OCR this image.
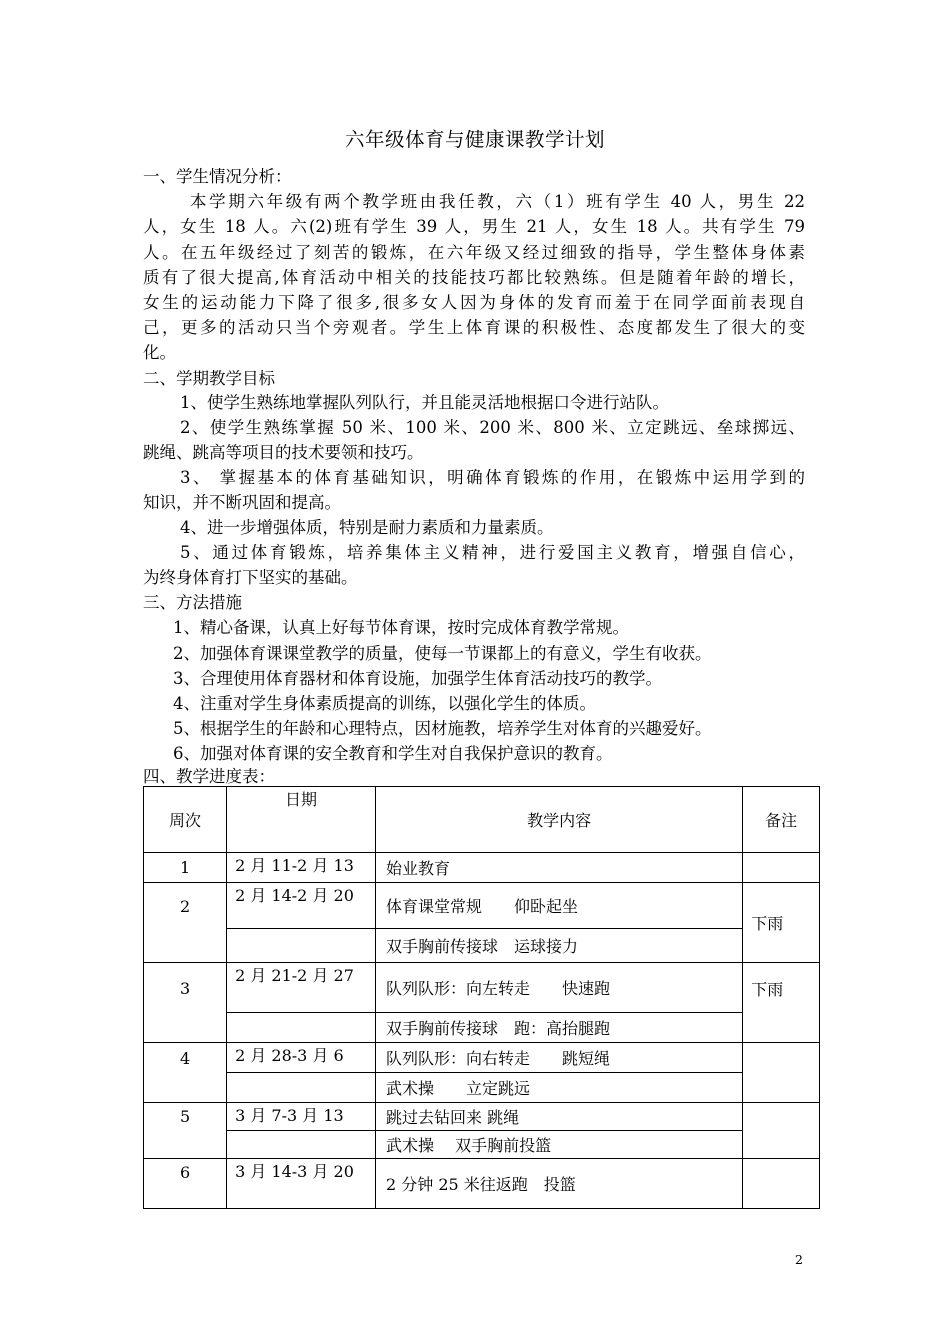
六年级体育与健康课教学计划
一、学生情况分析：
本学期六年级有两个教学班由我任教，六（1）班有学生 40 人，男生 22
人，女生 18 人。六(2)班有学生 39 人，男生 21 人，女生 18 人。共有学生 79
人。在五年级经过了刻苦的锻炼，在六年级又经过细致的指导，学生整体身体素
质有了很大提高,体育活动中相关的技能技巧都比较熟练。但是随着年龄的增长，
女生的运动能力下降了很多,很多女人因为身体的发育而羞于在同学面前表现自
己，更多的活动只当个旁观者。学生上体育课的积极性、态度都发生了很大的变
化。
二、学期教学目标
1、使学生熟练地掌握队列队行，并且能灵活地根据口令进行站队。
2、使学生熟练掌握 50 米、100 米、200 米、800 米、立定跳远、垒球掷远、
跳绳、跳高等项目的技术要领和技巧。
3、 掌握基本的体育基础知识，明确体育锻炼的作用，在锻炼中运用学到的
知识，并不断巩固和提高。
4、进一步增强体质，特别是耐力素质和力量素质。
5、通过体育锻炼，培养集体主义精神，进行爱国主义教育，增强自信心，
为终身体育打下坚实的基础。
三、方法措施
1、精心备课，认真上好每节体育课，按时完成体育教学常规。
2、加强体育课课堂教学的质量，使每一节课都上的有意义，学生有收获。
3、合理使用体育器材和体育设施，加强学生体育活动技巧的教学。
4、注重对学生身体素质提高的训练，以强化学生的体质。
5、根据学生的年龄和心理特点，因材施教，培养学生对体育的兴趣爱好。
6、加强对体育课的安全教育和学生对自我保护意识的教育。
四、教学进度表：
周次	日期	教学内容	备注
1	2 月 11-2 月 13	始业教育	
2	2 月 14-2 月 20	体育课堂常规　　仰卧起坐	下雨
		双手胸前传接球　运球接力	
3	2 月 21-2 月 27	队列队形：向左转走　　快速跑	下雨
		双手胸前传接球　跑：高抬腿跑	
4	2 月 28-3 月 6	队列队形：向右转走　　跳短绳	
		武术操　　立定跳远	
5	3 月 7-3 月 13	跳过去钻回来 跳绳	
		武术操　 双手胸前投篮	
6	3 月 14-3 月 20	2 分钟 25 米往返跑　投篮	
2
